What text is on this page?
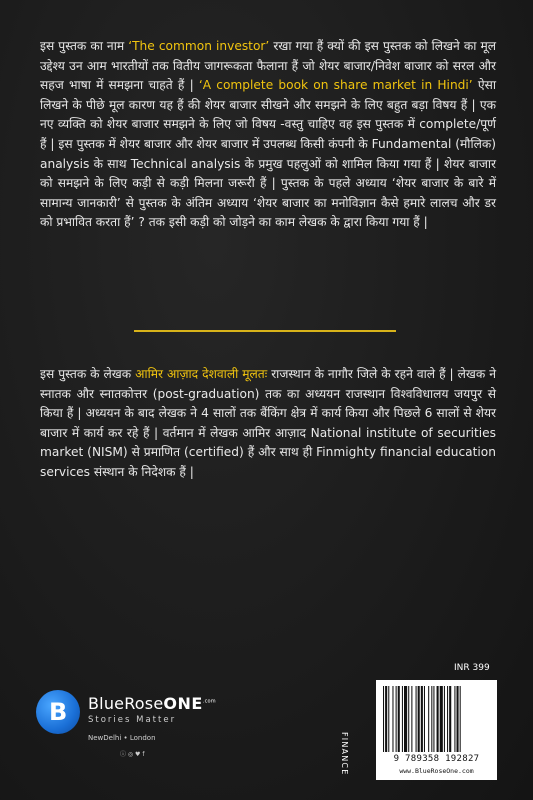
इस पुस्तक का नाम ‘The common investor’ रखा गया हैं क्यों की इस पुस्तक को लिखने का मूल उद्देश्य उन आम भारतीयों तक वितीय जागरूकता फैलाना हैं जो शेयर बाजार/निवेश बाजार को सरल और सहज भाषा में समझना चाहते हैं | ‘A complete book on share market in Hindi’ ऐसा लिखने के पीछे मूल कारण यह हैं की शेयर बाजार सीखने और समझने के लिए बहुत बड़ा विषय हैं | एक नए व्यक्ति को शेयर बाजार समझने के लिए जो विषय -वस्तु चाहिए वह इस पुस्तक में complete/पूर्ण हैं | इस पुस्तक में शेयर बाजार और शेयर बाजार में उपलब्ध किसी कंपनी के Fundamental (मौलिक) analysis के साथ Technical analysis के प्रमुख पहलुओं को शामिल किया गया हैं | शेयर बाजार को समझने के लिए कड़ी से कड़ी मिलना जरूरी हैं | पुस्तक के पहले अध्याय ‘शेयर बाजार के बारे में सामान्य जानकारी’ से पुस्तक के अंतिम अध्याय ‘शेयर बाजार का मनोविज्ञान कैसे हमारे लालच और डर को प्रभावित करता हैं’ ? तक इसी कड़ी को जोड़ने का काम लेखक के द्वारा किया गया हैं |

इस पुस्तक के लेखक आमिर आज़ाद देशवाली मूलतः राजस्थान के नागौर जिले के रहने वाले हैं | लेखक ने स्नातक और स्नातकोत्तर (post-graduation) तक का अध्ययन राजस्थान विश्वविधालय जयपुर से किया हैं | अध्ययन के बाद लेखक ने 4 सालों तक बैंकिंग क्षेत्र में कार्य किया और पिछले 6 सालों से शेयर बाजार में कार्य कर रहे हैं | वर्तमान में लेखक आमिर आज़ाद National institute of securities market (NISM) से प्रमाणित (certified) हैं और साथ ही Finmighty financial education services संस्थान के निदेशक हैं |

B BlueRoseONE$^{.com}$
Stories Matter
NewDelhi • London
ⓘ ◎ ♥ f
INR 399
FINANCE	9 789358 192827
www.BlueRoseOne.com
